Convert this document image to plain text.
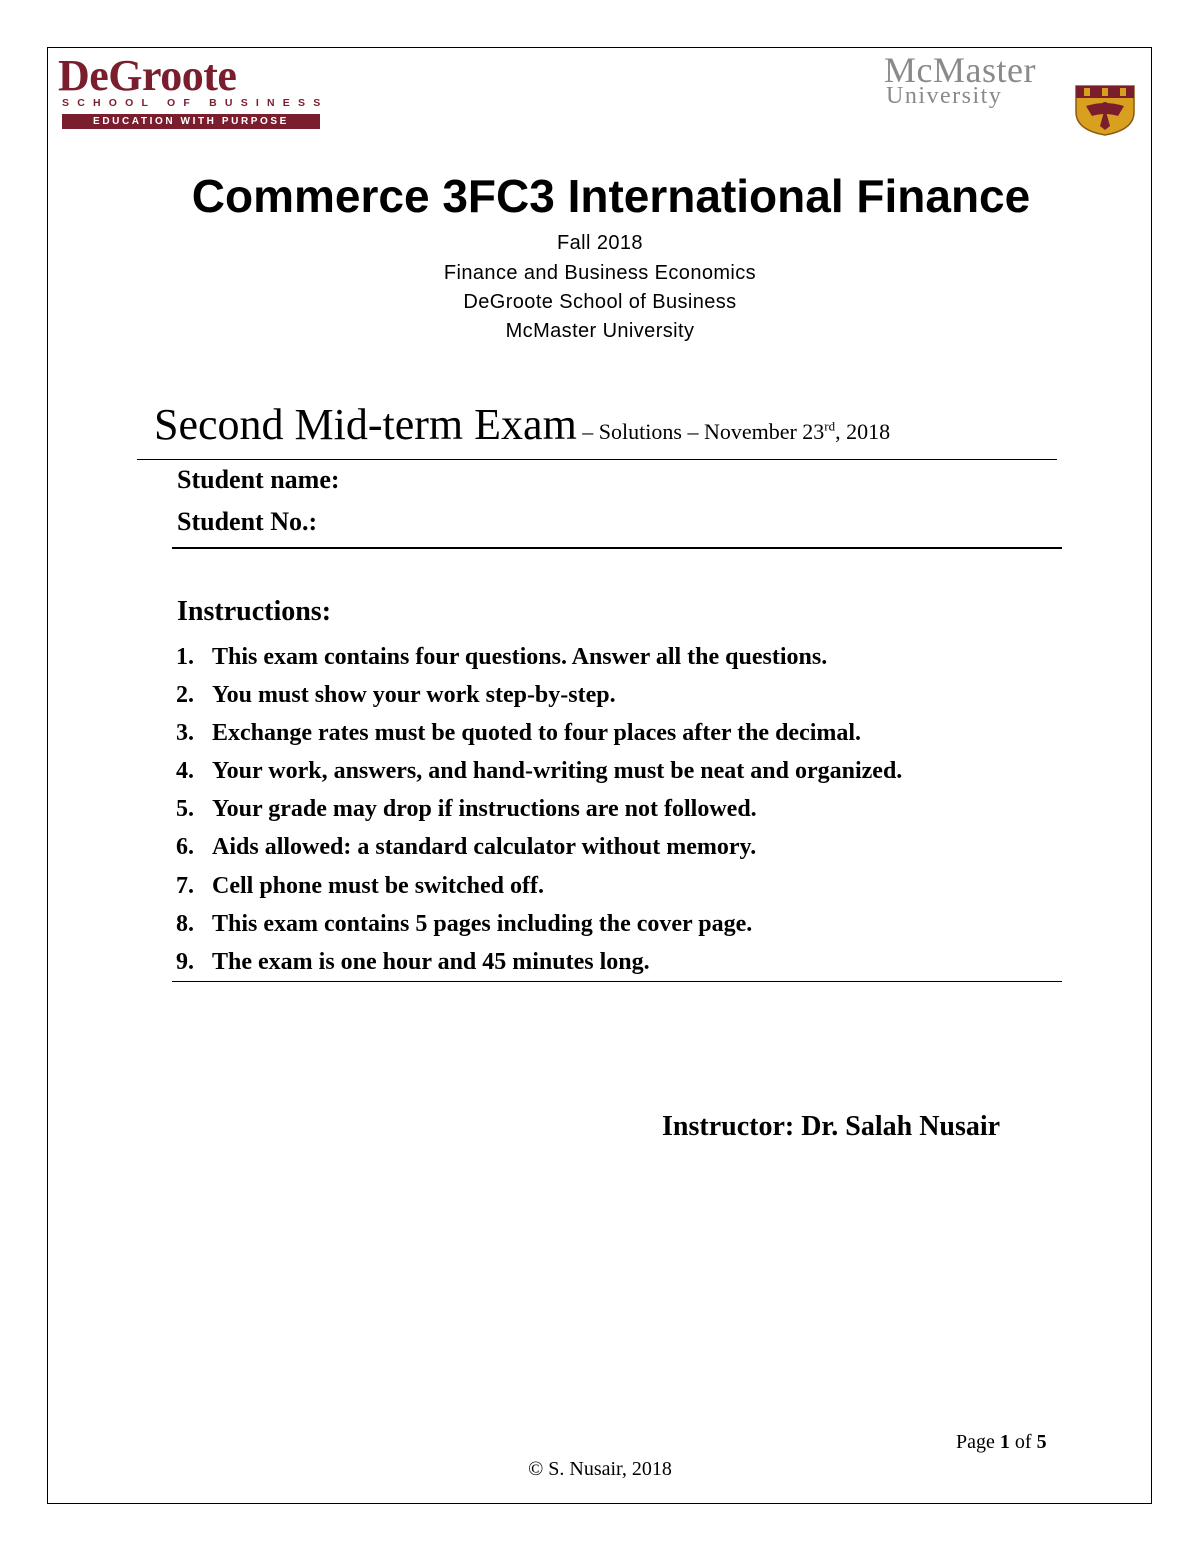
DeGroote
SCHOOL OF BUSINESS
EDUCATION WITH PURPOSE
McMaster
University
Commerce 3FC3 International Finance
Fall 2018
Finance and Business Economics
DeGroote School of Business
McMaster University
Second Mid-term Exam – Solutions – November 23rd, 2018
Student name:
Student No.:
Instructions:
1. This exam contains four questions. Answer all the questions.
2. You must show your work step-by-step.
3. Exchange rates must be quoted to four places after the decimal.
4. Your work, answers, and hand-writing must be neat and organized.
5. Your grade may drop if instructions are not followed.
6. Aids allowed: a standard calculator without memory.
7. Cell phone must be switched off.
8. This exam contains 5 pages including the cover page.
9. The exam is one hour and 45 minutes long.
Instructor: Dr. Salah Nusair
Page 1 of 5
© S. Nusair, 2018
